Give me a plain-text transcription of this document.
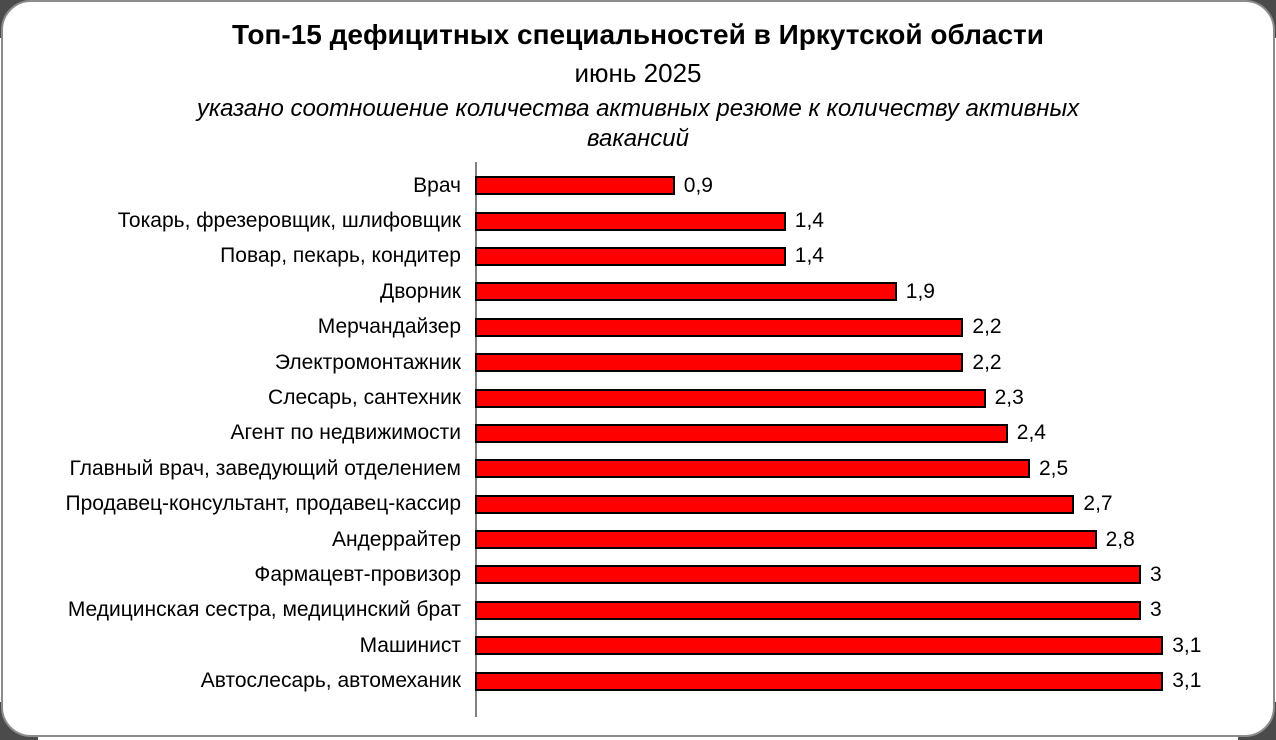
Топ-15 дефицитных специальностей в Иркутской области
июнь 2025
указано соотношение количества активных резюме к количеству активных вакансий
Врач	0,9
Токарь, фрезеровщик, шлифовщик	1,4
Повар, пекарь, кондитер	1,4
Дворник	1,9
Мерчандайзер	2,2
Электромонтажник	2,2
Слесарь, сантехник	2,3
Агент по недвижимости	2,4
Главный врач, заведующий отделением	2,5
Продавец-консультант, продавец-кассир	2,7
Андеррайтер	2,8
Фармацевт-провизор	3
Медицинская сестра, медицинский брат	3
Машинист	3,1
Автослесарь, автомеханик	3,1
